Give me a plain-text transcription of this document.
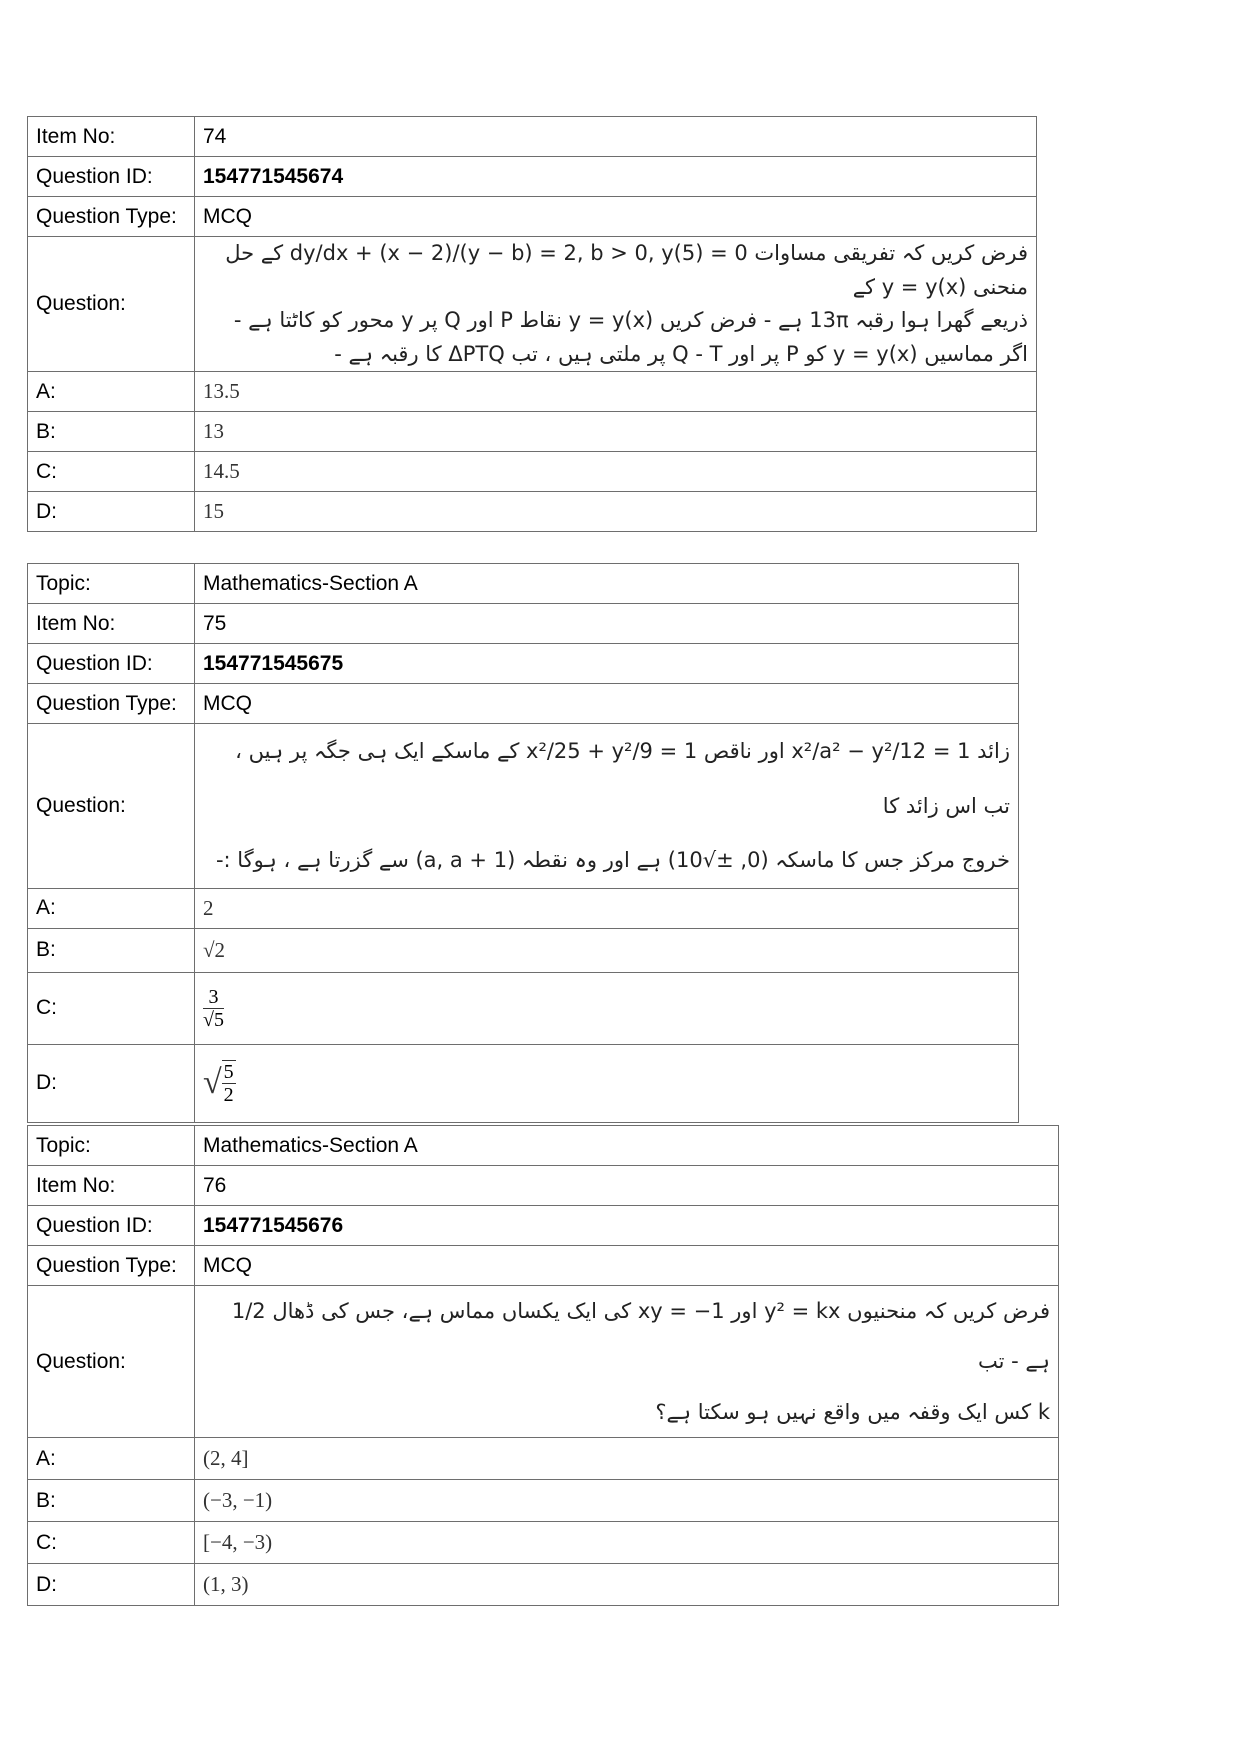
Item No:	74
Question ID:	154771545674
Question Type:	MCQ
Question:	فرض کریں کہ تفریقی مساوات dy/dx + (x − 2)/(y − b) = 2, b > 0, y(5) = 0 کے حل منحنی y = y(x) کے

ذریعے گھرا ہوا رقبہ 13π ہے - فرض کریں y = y(x) نقاط P اور Q پر y محور کو کاٹتا ہے -

اگر مماسیں y = y(x) کو P پر اور Q - T پر ملتی ہیں ، تب ΔPTQ کا رقبہ ہے -

A:	13.5
B:	13
C:	14.5
D:	15
Topic:	Mathematics-Section A
Item No:	75
Question ID:	154771545675
Question Type:	MCQ
Question:	زائد x²/a² − y²/12 = 1 اور ناقص x²/25 + y²/9 = 1 کے ماسکے ایک ہی جگہ پر ہیں ، تب اس زائد کا

خروج مرکز جس کا ماسکہ (0, ±√10) ہے اور وہ نقطہ (a, a + 1) سے گزرتا ہے ، ہوگا :-

A:	2
B:	√2
C:	$\frac{3}{√5}$

D:	√ $\frac{5}{2}$
Topic:	Mathematics-Section A
Item No:	76
Question ID:	154771545676
Question Type:	MCQ
Question:	فرض کریں کہ منحنیوں y² = kx اور xy = −1 کی ایک یکساں مماس ہے، جس کی ڈھال 1/2 ہے - تب

k کس ایک وقفہ میں واقع نہیں ہو سکتا ہے؟

A:	(2, 4]
B:	(−3, −1)
C:	[−4, −3)
D:	(1, 3)
